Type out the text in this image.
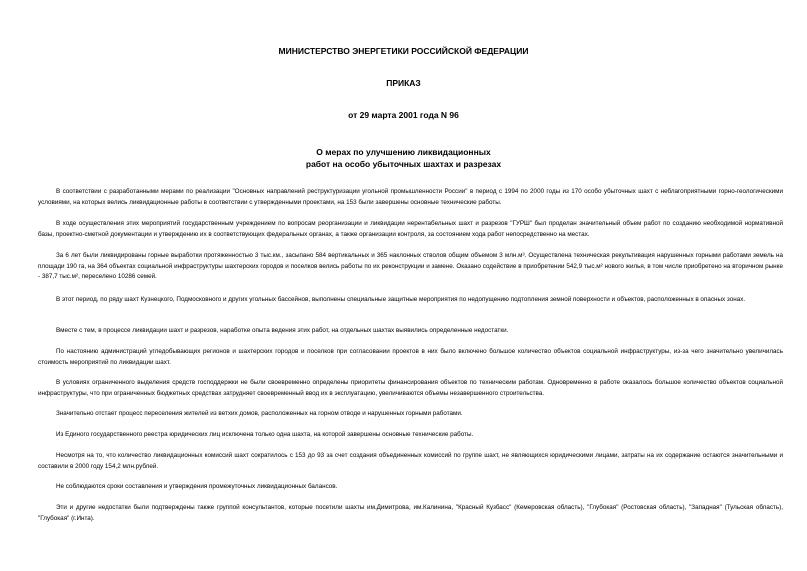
МИНИСТЕРСТВО ЭНЕРГЕТИКИ РОССИЙСКОЙ ФЕДЕРАЦИИ
ПРИКАЗ
от 29 марта 2001 года N 96
О мерах по улучшению ликвидационных
работ на особо убыточных шахтах и разрезах

В соответствии с разработанными мерами по реализации "Основных направлений реструктуризации угольной промышленности России" в период с 1994 по 2000 годы из 170 особо убыточных шахт с неблагоприятными горно-геологическими условиями, на которых велись ликвидационные работы в соответствии с утвержденными проектами, на 153 были завершены основные технические работы.

В ходе осуществления этих мероприятий государственным учреждением по вопросам реорганизации и ликвидации нерентабельных шахт и разрезов "ГУРШ" был проделан значительный объем работ по созданию необходимой нормативной базы, проектно-сметной документации и утверждению их в соответствующих федеральных органах, а также организации контроля, за состоянием хода работ непосредственно на местах.

За 6 лет были ликвидированы горные выработки протяженностью 3 тыс.км., засыпано 584 вертикальных и 365 наклонных стволов общим объемом 3 млн.м³. Осуществлена техническая рекультивация нарушенных горными работами земель на площади 190 га, на 364 объектах социальной инфраструктуры шахтерских городов и поселков велись работы по их реконструкции и замене. Оказано содействие в приобретении 542,9 тыс.м² нового жилья, в том числе приобретено на вторичном рынке - 387,7 тыс.м², переселено 10286 семей.

В этот период, по ряду шахт Кузнецкого, Подмосковного и других угольных бассейнов, выполнены специальные защитные мероприятия по недопущению подтопления земной поверхности и объектов, расположенных в опасных зонах.

Вместе с тем, в процессе ликвидации шахт и разрезов, наработке опыта ведения этих работ, на отдельных шахтах выявились определенные недостатки.

По настоянию администраций угледобывающих регионов и шахтерских городов и поселков при согласовании проектов в них было включено большое количество объектов социальной инфраструктуры, из-за чего значительно увеличилась стоимость мероприятий по ликвидации шахт.

В условиях ограниченного выделения средств господдержки не были своевременно определены приоритеты финансирования объектов по техническим работам. Одновременно в работе оказалось большое количество объектов социальной инфраструктуры, что при ограниченных бюджетных средствах затрудняет своевременный ввод их в эксплуатацию, увеличиваются объемы незавершенного строительства.

Значительно отстает процесс переселения жителей из ветхих домов, расположенных на горном отводе и нарушенных горными работами.

Из Единого государственного реестра юридических лиц исключена только одна шахта, на которой завершены основные технические работы.

Несмотря на то, что количество ликвидационных комиссий шахт сократилось с 153 до 93 за счет создания объединенных комиссий по группе шахт, не являющихся юридическими лицами, затраты на их содержание остаются значительными и составили в 2000 году 154,2 млн.рублей.

Не соблюдаются сроки составления и утверждения промежуточных ликвидационных балансов.

Эти и другие недостатки были подтверждены также группой консультантов, которые посетили шахты им.Димитрова, им.Калинина, "Красный Кузбасс" (Кемеровская область), "Глубокая" (Ростовская область), "Западная" (Тульская область), "Глубокая" (г.Инта).
